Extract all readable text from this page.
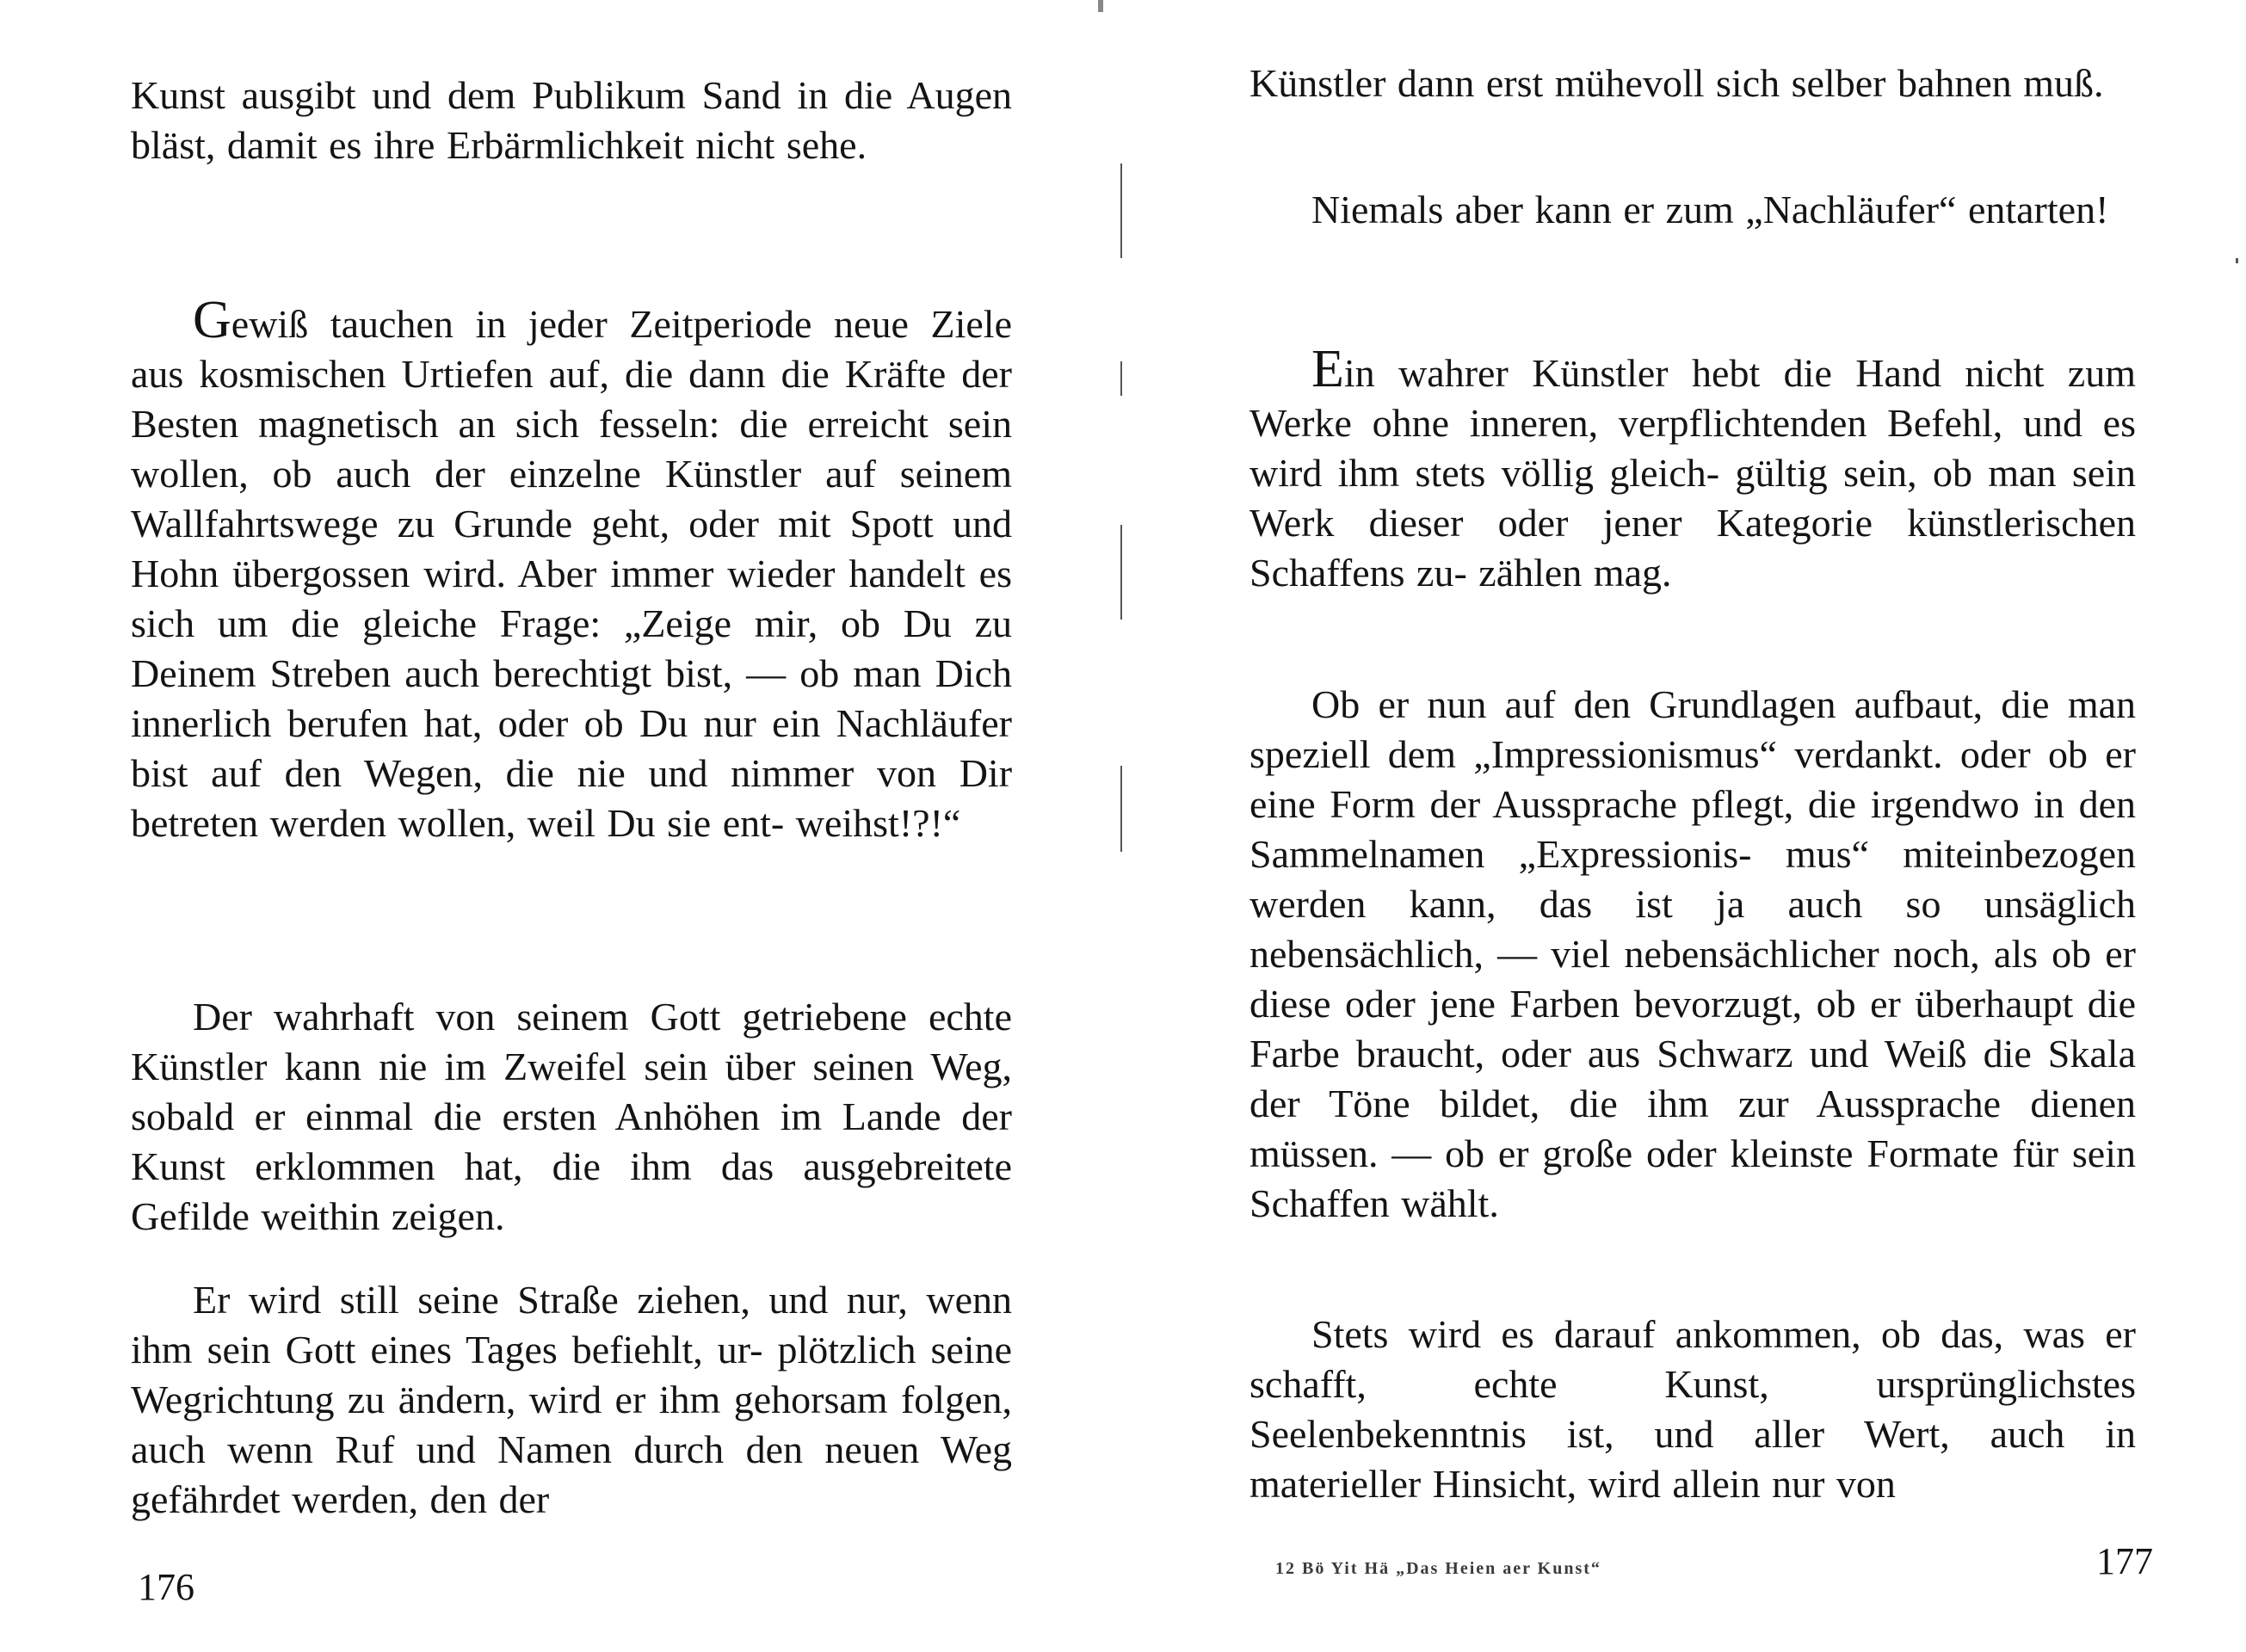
Kunst ausgibt und dem Publikum Sand in die Augen bläst, damit es ihre Erbärmlichkeit nicht sehe.

Gewiß tauchen in jeder Zeitperiode neue Ziele aus kosmischen Urtiefen auf, die dann die Kräfte der Besten magnetisch an sich fesseln: die erreicht sein wollen, ob auch der einzelne Künstler auf seinem Wallfahrtswege zu Grunde geht, oder mit Spott und Hohn übergossen wird. Aber immer wieder handelt es sich um die gleiche Frage: „Zeige mir, ob Du zu Deinem Streben auch berechtigt bist, — ob man Dich innerlich berufen hat, oder ob Du nur ein Nachläufer bist auf den Wegen, die nie und nimmer von Dir betreten werden wollen, weil Du sie ent- weihst!?!“

Der wahrhaft von seinem Gott getriebene echte Künstler kann nie im Zweifel sein über seinen Weg, sobald er einmal die ersten Anhöhen im Lande der Kunst erklommen hat, die ihm das ausgebreitete Gefilde weithin zeigen.

Er wird still seine Straße ziehen, und nur, wenn ihm sein Gott eines Tages befiehlt, ur- plötzlich seine Wegrichtung zu ändern, wird er ihm gehorsam folgen, auch wenn Ruf und Namen durch den neuen Weg gefährdet werden, den der

176

Künstler dann erst mühevoll sich selber bahnen muß.

Niemals aber kann er zum „Nachläufer“ entarten!

Ein wahrer Künstler hebt die Hand nicht zum Werke ohne inneren, verpflichtenden Befehl, und es wird ihm stets völlig gleich- gültig sein, ob man sein Werk dieser oder jener Kategorie künstlerischen Schaffens zu- zählen mag.

Ob er nun auf den Grundlagen aufbaut, die man speziell dem „Impressionismus“ verdankt. oder ob er eine Form der Aussprache pflegt, die irgendwo in den Sammelnamen „Expressionis- mus“ miteinbezogen werden kann, das ist ja auch so unsäglich nebensächlich, — viel nebensächlicher noch, als ob er diese oder jene Farben bevorzugt, ob er überhaupt die Farbe braucht, oder aus Schwarz und Weiß die Skala der Töne bildet, die ihm zur Aussprache dienen müssen. — ob er große oder kleinste Formate für sein Schaffen wählt.

Stets wird es darauf ankommen, ob das, was er schafft, echte Kunst, ursprünglichstes Seelenbekenntnis ist, und aller Wert, auch in materieller Hinsicht, wird allein nur von

12 Bö Yit Hä „Das Heien aer Kunst“	177
